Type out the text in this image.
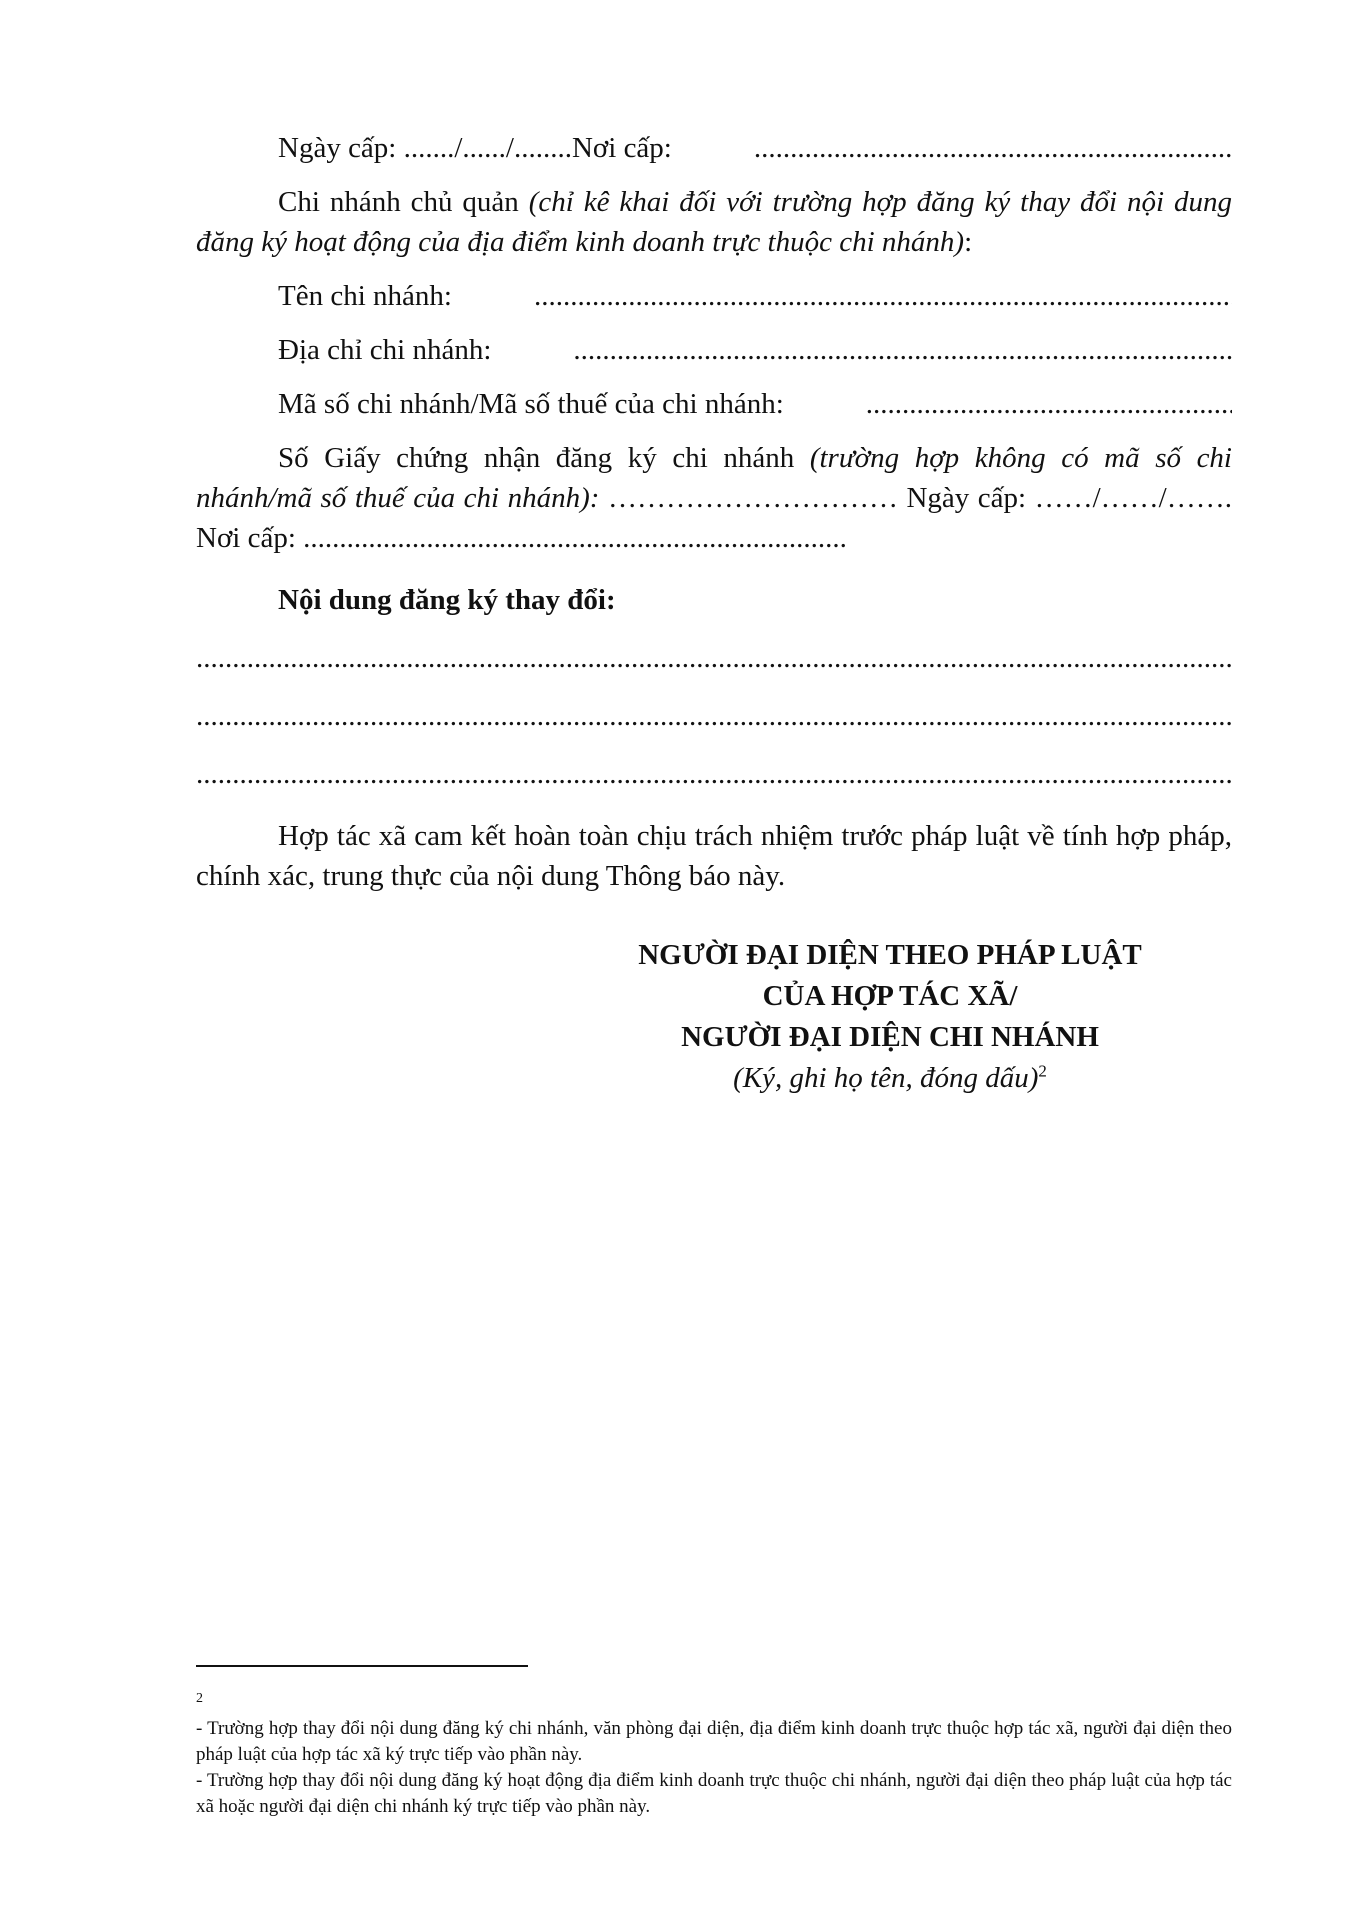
Ngày cấp: ......./....../........Nơi cấp:
.....

Chi nhánh chủ quản (chỉ kê khai đối với trường hợp đăng ký thay đổi nội dung đăng ký hoạt động của địa điểm kinh doanh trực thuộc chi nhánh):

Tên chi nhánh:
.....

Địa chỉ chi nhánh:
.....

Mã số chi nhánh/Mã số thuế của chi nhánh:
.....

Số Giấy chứng nhận đăng ký chi nhánh (trường hợp không có mã số chi nhánh/mã số thuế của chi nhánh): ………………………… Ngày cấp: ……/……/……. Nơi cấp: ...........................................................................

Nội dung đăng ký thay đổi:

.....
.....
.....

Hợp tác xã cam kết hoàn toàn chịu trách nhiệm trước pháp luật về tính hợp pháp, chính xác, trung thực của nội dung Thông báo này.

NGƯỜI ĐẠI DIỆN THEO PHÁP LUẬT
CỦA HỢP TÁC XÃ/
NGƯỜI ĐẠI DIỆN CHI NHÁNH
(Ký, ghi họ tên, đóng dấu)$^2$
2

- Trường hợp thay đổi nội dung đăng ký chi nhánh, văn phòng đại diện, địa điểm kinh doanh trực thuộc hợp tác xã, người đại diện theo pháp luật của hợp tác xã ký trực tiếp vào phần này.

- Trường hợp thay đổi nội dung đăng ký hoạt động địa điểm kinh doanh trực thuộc chi nhánh, người đại diện theo pháp luật của hợp tác xã hoặc người đại diện chi nhánh ký trực tiếp vào phần này.
